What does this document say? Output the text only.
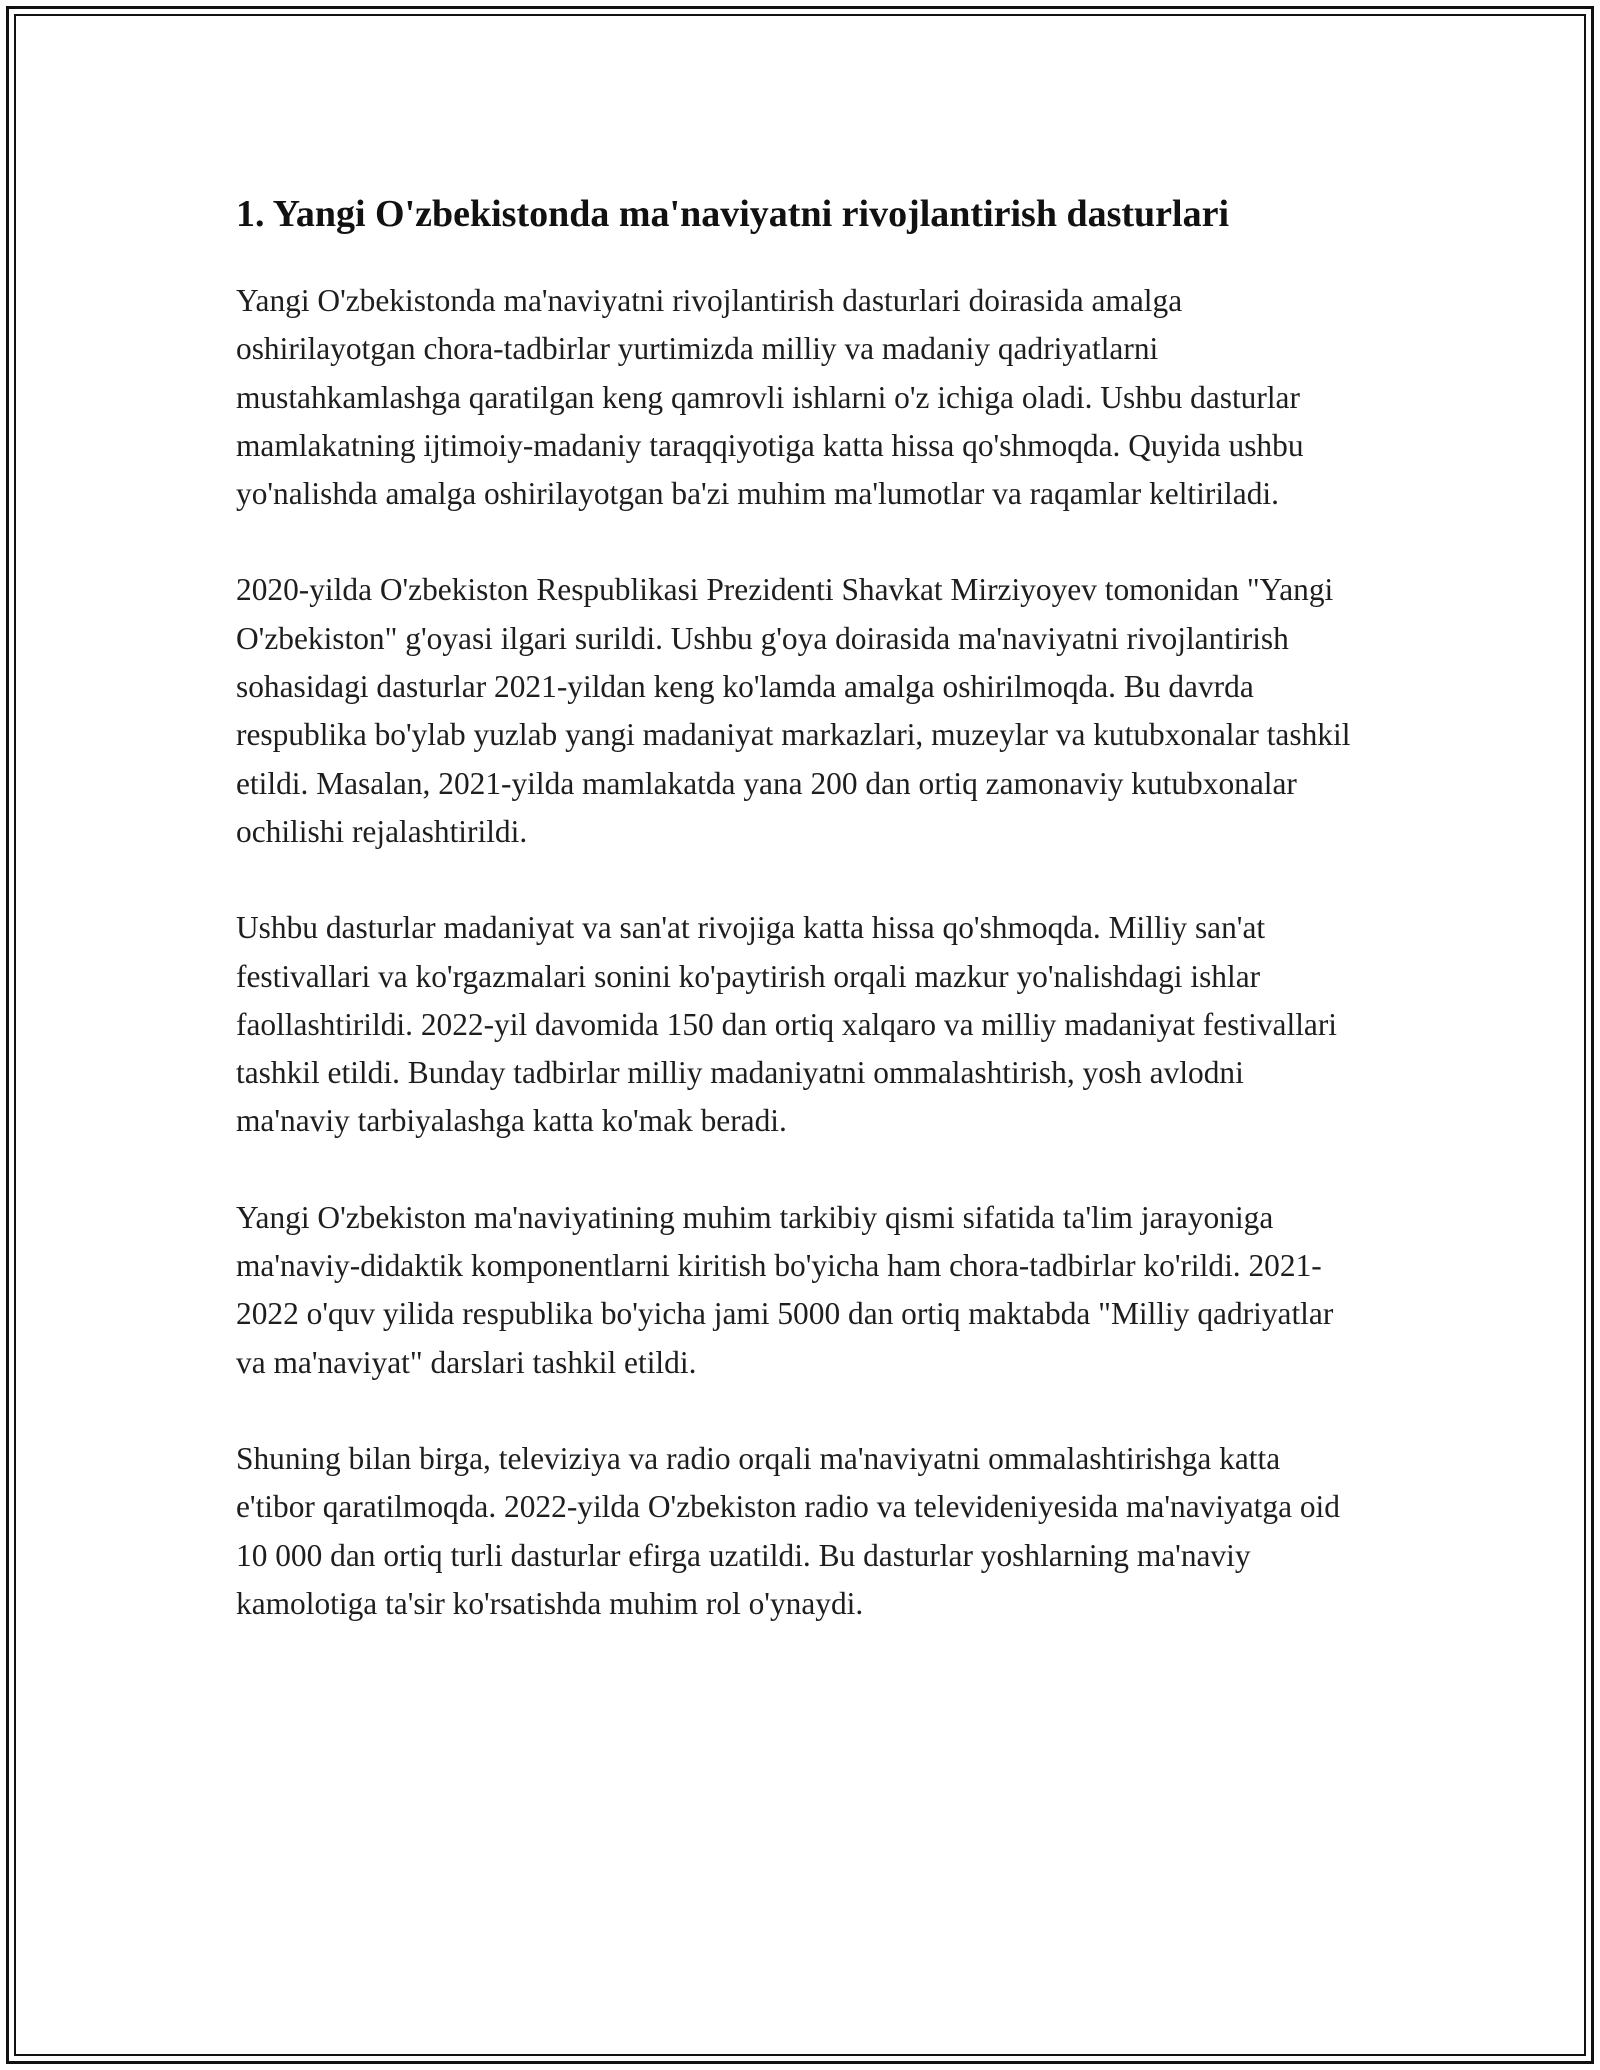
1. Yangi O'zbekistonda ma'naviyatni rivojlantirish dasturlari

Yangi O'zbekistonda ma'naviyatni rivojlantirish dasturlari doirasida amalga oshirilayotgan chora-tadbirlar yurtimizda milliy va madaniy qadriyatlarni mustahkamlashga qaratilgan keng qamrovli ishlarni o'z ichiga oladi. Ushbu dasturlar mamlakatning ijtimoiy-madaniy taraqqiyotiga katta hissa qo'shmoqda. Quyida ushbu yo'nalishda amalga oshirilayotgan ba'zi muhim ma'lumotlar va raqamlar keltiriladi.

2020-yilda O'zbekiston Respublikasi Prezidenti Shavkat Mirziyoyev tomonidan "Yangi O'zbekiston" g'oyasi ilgari surildi. Ushbu g'oya doirasida ma'naviyatni rivojlantirish sohasidagi dasturlar 2021-yildan keng ko'lamda amalga oshirilmoqda. Bu davrda respublika bo'ylab yuzlab yangi madaniyat markazlari, muzeylar va kutubxonalar tashkil etildi. Masalan, 2021-yilda mamlakatda yana 200 dan ortiq zamonaviy kutubxonalar ochilishi rejalashtirildi.

Ushbu dasturlar madaniyat va san'at rivojiga katta hissa qo'shmoqda. Milliy san'at festivallari va ko'rgazmalari sonini ko'paytirish orqali mazkur yo'nalishdagi ishlar faollashtirildi. 2022-yil davomida 150 dan ortiq xalqaro va milliy madaniyat festivallari tashkil etildi. Bunday tadbirlar milliy madaniyatni ommalashtirish, yosh avlodni ma'naviy tarbiyalashga katta ko'mak beradi.

Yangi O'zbekiston ma'naviyatining muhim tarkibiy qismi sifatida ta'lim jarayoniga ma'naviy-didaktik komponentlarni kiritish bo'yicha ham chora-tadbirlar ko'rildi. 2021-2022 o'quv yilida respublika bo'yicha jami 5000 dan ortiq maktabda "Milliy qadriyatlar va ma'naviyat" darslari tashkil etildi.

Shuning bilan birga, televiziya va radio orqali ma'naviyatni ommalashtirishga katta e'tibor qaratilmoqda. 2022-yilda O'zbekiston radio va televideniyesida ma'naviyatga oid 10 000 dan ortiq turli dasturlar efirga uzatildi. Bu dasturlar yoshlarning ma'naviy kamolotiga ta'sir ko'rsatishda muhim rol o'ynaydi.
